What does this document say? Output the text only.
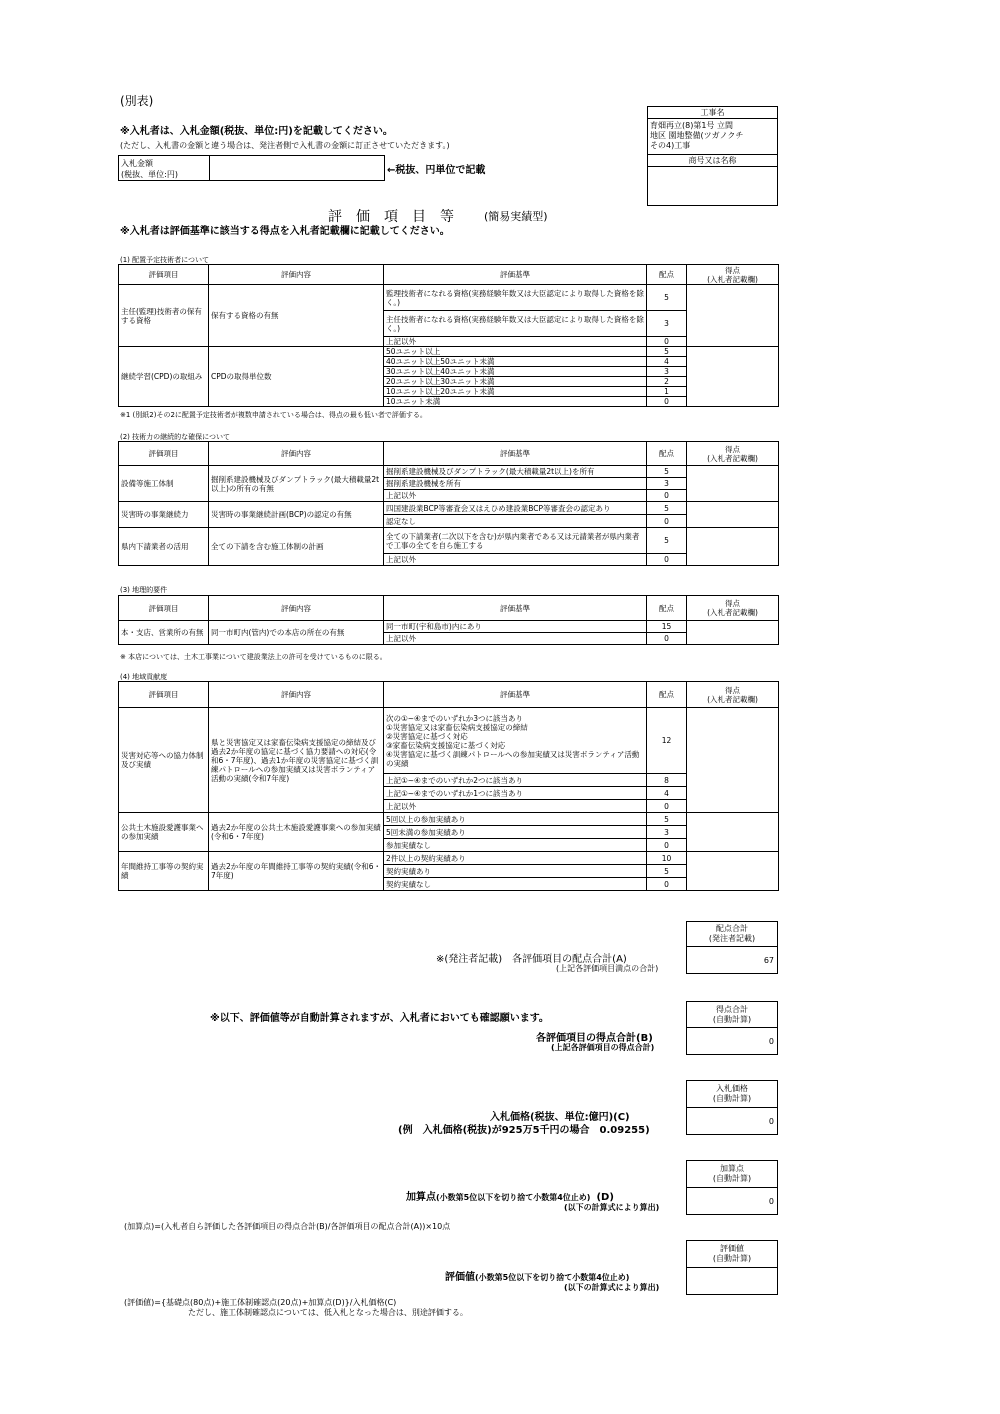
(別表)
※入札者は、入札金額(税抜、単位:円)を記載してください。
(ただし、入札書の金額と違う場合は、発注者側で入札書の金額に訂正させていただきます。)
入札金額
(税抜、単位:円)	←税抜、円単位で記載
工事名
育畑再立(8)第1号 立間
地区 園地整備(ツガノクチ
その4)工事
商号又は名称
評　価　項　目　等	(簡易実績型)
※入札者は評価基準に該当する得点を入札者記載欄に記載してください。
(1) 配置予定技術者について
評価項目	評価内容	評価基準	配点	得点
(入札者記載欄)
主任(監理)技術者の保有する資格	保有する資格の有無	監理技術者になれる資格(実務経験年数又は大臣認定により取得した資格を除く。)	5	
		主任技術者になれる資格(実務経験年数又は大臣認定により取得した資格を除く。)	3	
		上記以外	0	
継続学習(CPD)の取組み	CPDの取得単位数	50ユニット以上	5	
		40ユニット以上50ユニット未満	4	
		30ユニット以上40ユニット未満	3	
		20ユニット以上30ユニット未満	2	
		10ユニット以上20ユニット未満	1	
		10ユニット未満	0	
※1 (別紙2)その2に配置予定技術者が複数申請されている場合は、得点の最も低い者で評価する。
(2) 技術力の継続的な確保について
評価項目	評価内容	評価基準	配点	得点
(入札者記載欄)
設備等施工体制	掘削系建設機械及びダンプトラック(最大積載量2t以上)の所有の有無	掘削系建設機械及びダンプトラック(最大積載量2t以上)を所有	5	
		掘削系建設機械を所有	3	
		上記以外	0	
災害時の事業継続力	災害時の事業継続計画(BCP)の認定の有無	四国建設業BCP等審査会又はえひめ建設業BCP等審査会の認定あり	5	
		認定なし	0	
県内下請業者の活用	全ての下請を含む施工体制の計画	全ての下請業者(二次以下を含む)が県内業者である又は元請業者が県内業者で工事の全てを自ら施工する	5	
		上記以外	0	
(3) 地理的要件
評価項目	評価内容	評価基準	配点	得点
(入札者記載欄)
本・支店、営業所の有無	同一市町内(管内)での本店の所在の有無	同一市町(宇和島市)内にあり	15	
		上記以外	0	
※ 本店については、土木工事業について建設業法上の許可を受けているものに限る。
(4) 地域貢献度
評価項目	評価内容	評価基準	配点	得点
(入札者記載欄)
災害対応等への協力体制及び実績	県と災害協定又は家畜伝染病支援協定の締結及び過去2か年度の協定に基づく協力要請への対応(令和6・7年度)、過去1か年度の災害協定に基づく訓練パトロールへの参加実績又は災害ボランティア活動の実績(令和7年度)	次の①~④までのいずれか3つに該当あり
①災害協定又は家畜伝染病支援協定の締結
②災害協定に基づく対応
③家畜伝染病支援協定に基づく対応
④災害協定に基づく訓練パトロールへの参加実績又は災害ボランティア活動の実績	12	
		上記①~④までのいずれか2つに該当あり	8	
		上記①~④までのいずれか1つに該当あり	4	
		上記以外	0	
公共土木施設愛護事業への参加実績	過去2か年度の公共土木施設愛護事業への参加実績(令和6・7年度)	5回以上の参加実績あり	5	
		5回未満の参加実績あり	3	
		参加実績なし	0	
年間維持工事等の契約実績	過去2か年度の年間維持工事等の契約実績(令和6・7年度)	2件以上の契約実績あり	10	
		契約実績あり	5	
		契約実績なし	0	
配点合計
(発注者記載)
67
※(発注者記載)　各評価項目の配点合計(A)
(上記各評価項目満点の合計)
※以下、評価値等が自動計算されますが、入札者においても確認願います。
得点合計
(自動計算)
0
各評価項目の得点合計(B)
(上記各評価項目の得点合計)
入札価格
(自動計算)
0
入札価格(税抜、単位:億円)(C)
(例　入札価格(税抜)が925万5千円の場合　0.09255)
加算点
(自動計算)
0
加算点(小数第5位以下を切り捨て小数第4位止め) (D)
(以下の計算式により算出)
(加算点)=(入札者自ら評価した各評価項目の得点合計(B)/各評価項目の配点合計(A))×10点
評価値
(自動計算)
評価値(小数第5位以下を切り捨て小数第4位止め)
(以下の計算式により算出)
(評価値)={基礎点(80点)+施工体制確認点(20点)+加算点(D)}/入札価格(C)
ただし、施工体制確認点については、低入札となった場合は、別途評価する。
